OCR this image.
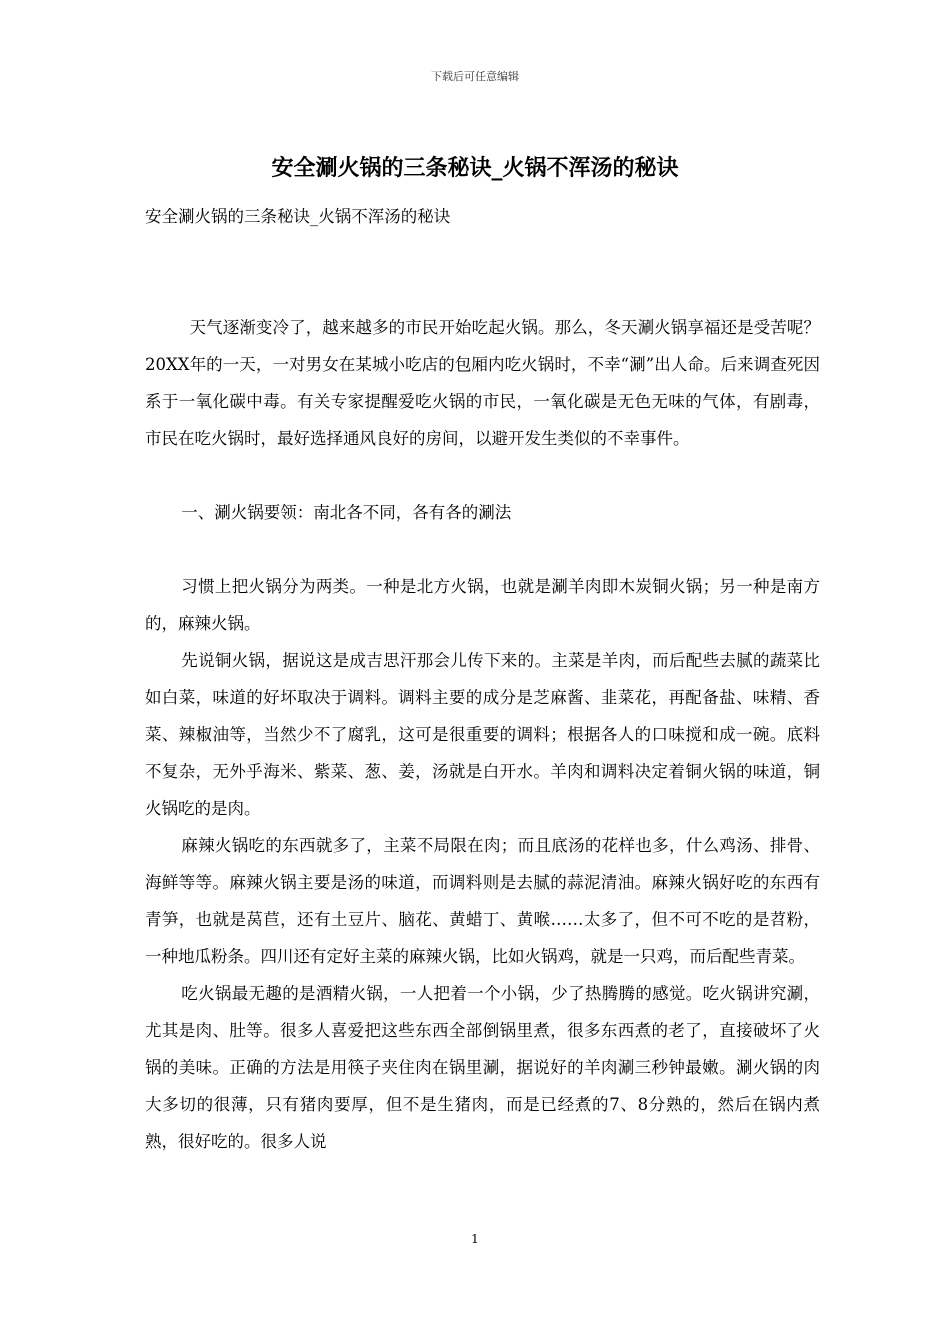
下载后可任意编辑
安全涮火锅的三条秘诀_火锅不浑汤的秘诀

安全涮火锅的三条秘诀_火锅不浑汤的秘诀

天气逐渐变冷了，越来越多的市民开始吃起火锅。那么，冬天涮火锅享福还是受苦呢？20XX年的一天，一对男女在某城小吃店的包厢内吃火锅时，不幸“涮”出人命。后来调查死因系于一氧化碳中毒。有关专家提醒爱吃火锅的市民，一氧化碳是无色无味的气体，有剧毒，市民在吃火锅时，最好选择通风良好的房间，以避开发生类似的不幸事件。

一、涮火锅要领：南北各不同，各有各的涮法

习惯上把火锅分为两类。一种是北方火锅，也就是涮羊肉即木炭铜火锅；另一种是南方的，麻辣火锅。

先说铜火锅，据说这是成吉思汗那会儿传下来的。主菜是羊肉，而后配些去腻的蔬菜比如白菜，味道的好坏取决于调料。调料主要的成分是芝麻酱、韭菜花，再配备盐、味精、香菜、辣椒油等，当然少不了腐乳，这可是很重要的调料；根据各人的口味搅和成一碗。底料不复杂，无外乎海米、紫菜、葱、姜，汤就是白开水。羊肉和调料决定着铜火锅的味道，铜火锅吃的是肉。

麻辣火锅吃的东西就多了，主菜不局限在肉；而且底汤的花样也多，什么鸡汤、排骨、海鲜等等。麻辣火锅主要是汤的味道，而调料则是去腻的蒜泥清油。麻辣火锅好吃的东西有青笋，也就是莴苣，还有土豆片、脑花、黄蜡丁、黄喉……太多了，但不可不吃的是苕粉，一种地瓜粉条。四川还有定好主菜的麻辣火锅，比如火锅鸡，就是一只鸡，而后配些青菜。

吃火锅最无趣的是酒精火锅，一人把着一个小锅，少了热腾腾的感觉。吃火锅讲究涮，尤其是肉、肚等。很多人喜爱把这些东西全部倒锅里煮，很多东西煮的老了，直接破坏了火锅的美味。正确的方法是用筷子夹住肉在锅里涮，据说好的羊肉涮三秒钟最嫩。涮火锅的肉大多切的很薄，只有猪肉要厚，但不是生猪肉，而是已经煮的7、8分熟的，然后在锅内煮熟，很好吃的。很多人说

1
